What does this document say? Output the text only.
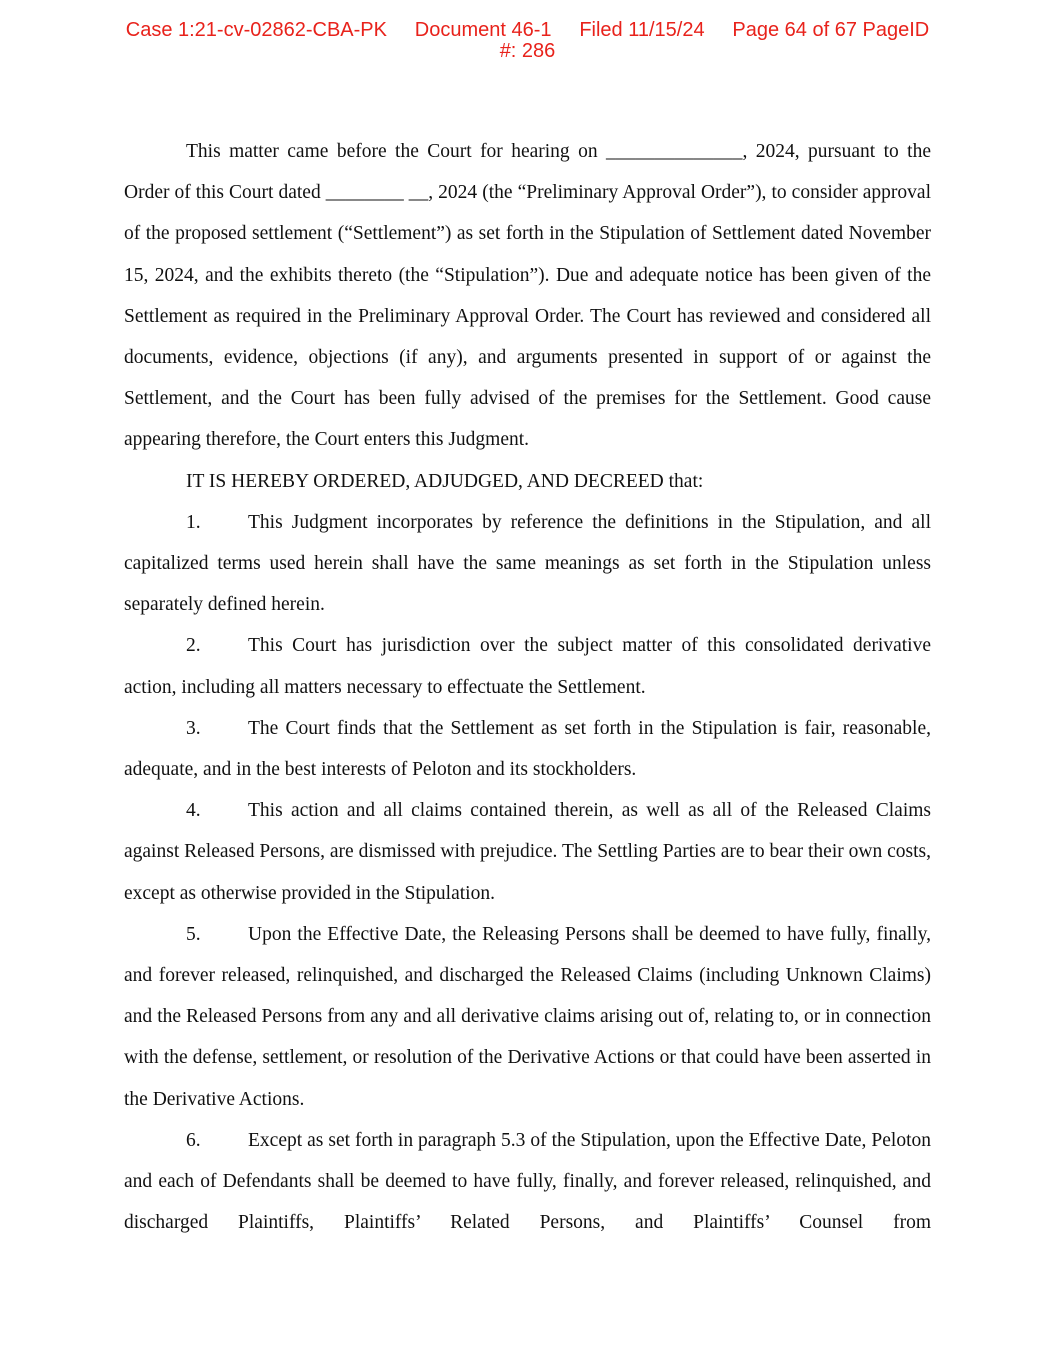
Case 1:21-cv-02862-CBA-PK Document 46-1 Filed 11/15/24 Page 64 of 67 PageID
#: 286

This matter came before the Court for hearing on ______________, 2024, pursuant to the Order of this Court dated ________ __, 2024 (the “Preliminary Approval Order”), to consider approval of the proposed settlement (“Settlement”) as set forth in the Stipulation of Settlement dated November 15, 2024, and the exhibits thereto (the “Stipulation”). Due and adequate notice has been given of the Settlement as required in the Preliminary Approval Order. The Court has reviewed and considered all documents, evidence, objections (if any), and arguments presented in support of or against the Settlement, and the Court has been fully advised of the premises for the Settlement. Good cause appearing therefore, the Court enters this Judgment.

IT IS HEREBY ORDERED, ADJUDGED, AND DECREED that:

1. This Judgment incorporates by reference the definitions in the Stipulation, and all capitalized terms used herein shall have the same meanings as set forth in the Stipulation unless separately defined herein.

2. This Court has jurisdiction over the subject matter of this consolidated derivative action, including all matters necessary to effectuate the Settlement.

3. The Court finds that the Settlement as set forth in the Stipulation is fair, reasonable, adequate, and in the best interests of Peloton and its stockholders.

4. This action and all claims contained therein, as well as all of the Released Claims against Released Persons, are dismissed with prejudice. The Settling Parties are to bear their own costs, except as otherwise provided in the Stipulation.

5. Upon the Effective Date, the Releasing Persons shall be deemed to have fully, finally, and forever released, relinquished, and discharged the Released Claims (including Unknown Claims) and the Released Persons from any and all derivative claims arising out of, relating to, or in connection with the defense, settlement, or resolution of the Derivative Actions or that could have been asserted in the Derivative Actions.

6. Except as set forth in paragraph 5.3 of the Stipulation, upon the Effective Date, Peloton and each of Defendants shall be deemed to have fully, finally, and forever released, relinquished, and discharged Plaintiffs, Plaintiffs’ Related Persons, and Plaintiffs’ Counsel from
